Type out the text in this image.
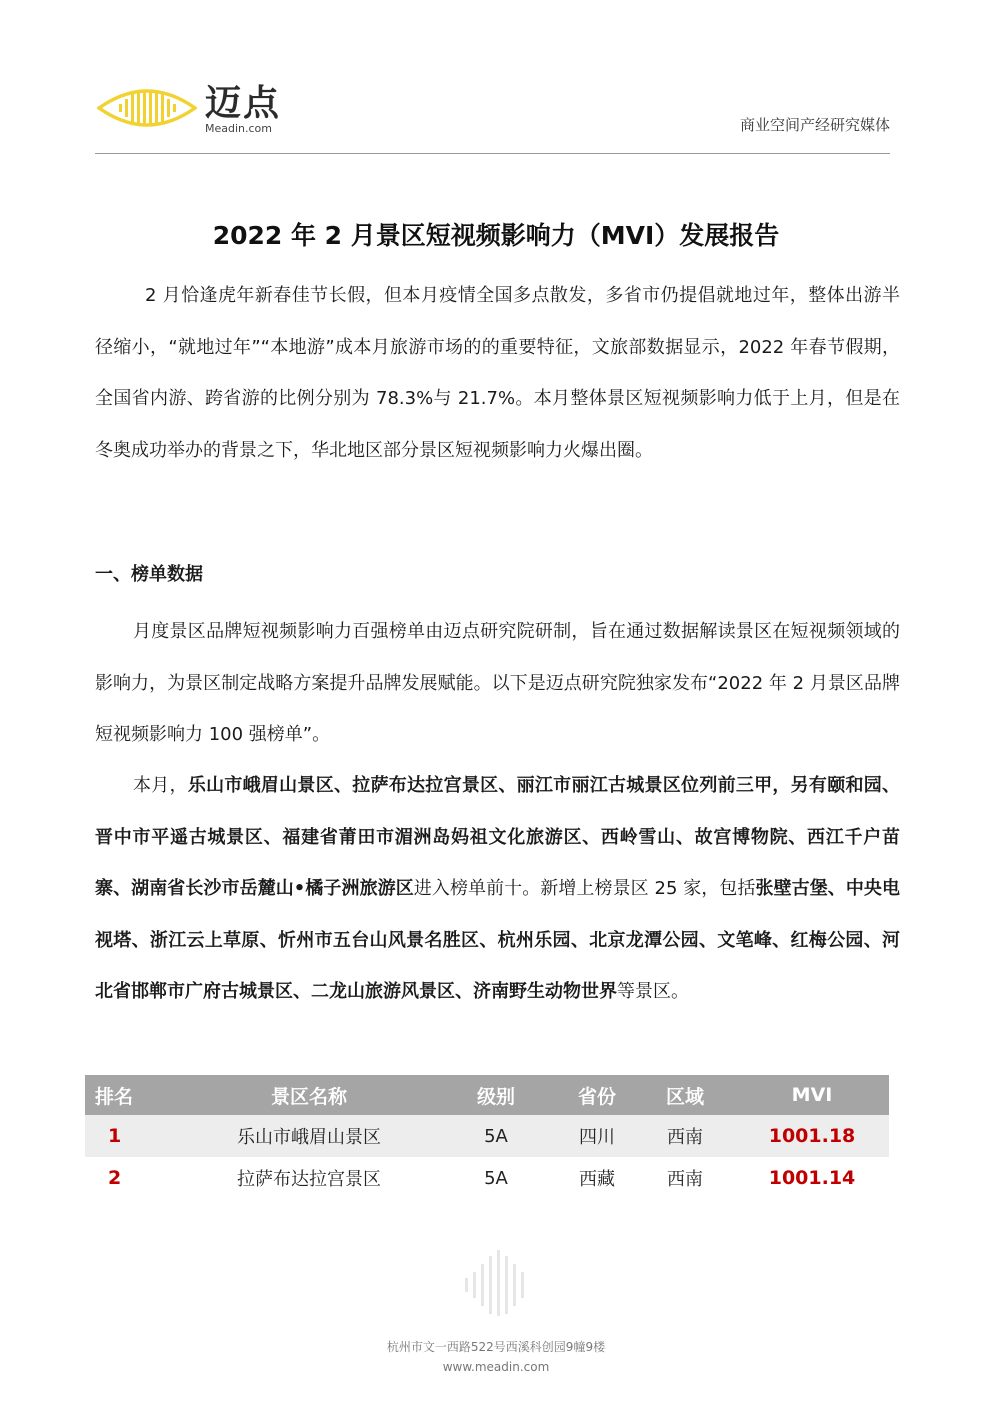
迈点
Meadin.com	商业空间产经研究媒体
2022 年 2 月景区短视频影响力（MVI）发展报告

2 月恰逢虎年新春佳节长假，但本月疫情全国多点散发，多省市仍提倡就地过年，整体出游半径缩小，“就地过年”“本地游”成本月旅游市场的的重要特征，文旅部数据显示，2022 年春节假期，全国省内游、跨省游的比例分别为 78.3%与 21.7%。本月整体景区短视频影响力低于上月，但是在冬奥成功举办的背景之下，华北地区部分景区短视频影响力火爆出圈。

一、榜单数据

月度景区品牌短视频影响力百强榜单由迈点研究院研制，旨在通过数据解读景区在短视频领域的影响力，为景区制定战略方案提升品牌发展赋能。以下是迈点研究院独家发布“2022 年 2 月景区品牌短视频影响力 100 强榜单”。

本月，乐山市峨眉山景区、拉萨布达拉宫景区、丽江市丽江古城景区位列前三甲，另有颐和园、晋中市平遥古城景区、福建省莆田市湄洲岛妈祖文化旅游区、西岭雪山、故宫博物院、西江千户苗寨、湖南省长沙市岳麓山•橘子洲旅游区进入榜单前十。新增上榜景区 25 家，包括张壁古堡、中央电视塔、浙江云上草原、忻州市五台山风景名胜区、杭州乐园、北京龙潭公园、文笔峰、红梅公园、河北省邯郸市广府古城景区、二龙山旅游风景区、济南野生动物世界等景区。

排名	景区名称	级别	省份	区域	MVI
1	乐山市峨眉山景区	5A	四川	西南	1001.18
2	拉萨布达拉宫景区	5A	西藏	西南	1001.14
杭州市文一西路522号西溪科创园9幢9楼
www.meadin.com
